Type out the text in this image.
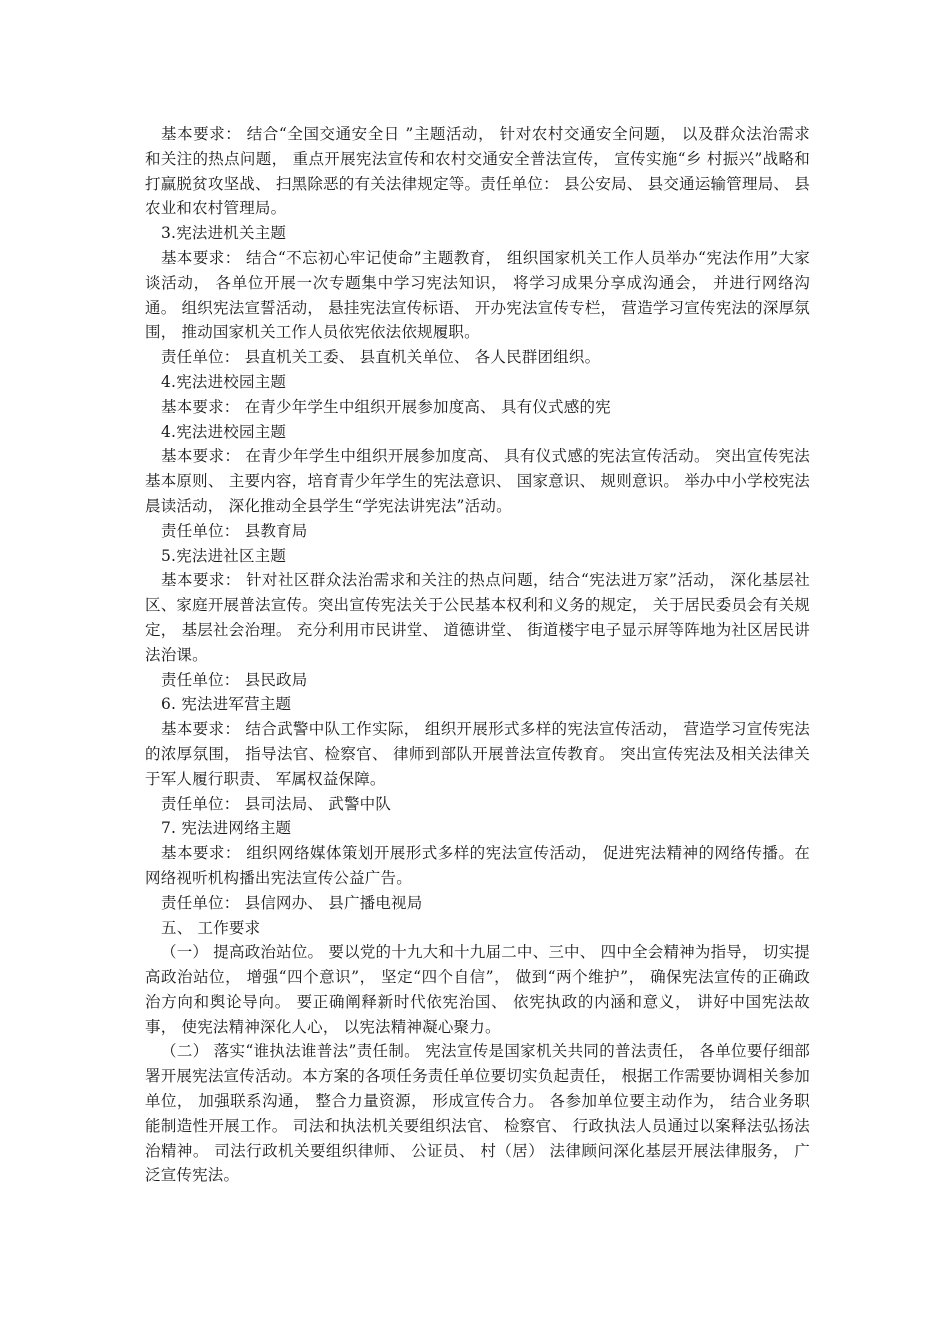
基本要求： 结合“全国交通安全日 ”主题活动， 针对农村交通安全问题， 以及群众法治需求和关注的热点问题， 重点开展宪法宣传和农村交通安全普法宣传， 宣传实施“乡 村振兴”战略和打赢脱贫攻坚战、 扫黑除恶的有关法律规定等。责任单位： 县公安局、 县交通运输管理局、 县农业和农村管理局。

3.宪法进机关主题

基本要求： 结合“不忘初心牢记使命”主题教育， 组织国家机关工作人员举办“宪法作用”大家谈活动， 各单位开展一次专题集中学习宪法知识， 将学习成果分享成沟通会， 并进行网络沟通。 组织宪法宣誓活动， 悬挂宪法宣传标语、 开办宪法宣传专栏， 营造学习宣传宪法的深厚氛围， 推动国家机关工作人员依宪依法依规履职。

责任单位： 县直机关工委、 县直机关单位、 各人民群团组织。

4.宪法进校园主题

基本要求： 在青少年学生中组织开展参加度高、 具有仪式感的宪

4.宪法进校园主题

基本要求： 在青少年学生中组织开展参加度高、 具有仪式感的宪法宣传活动。 突出宣传宪法基本原则、 主要内容，培育青少年学生的宪法意识、 国家意识、 规则意识。 举办中小学校宪法晨读活动， 深化推动全县学生“学宪法讲宪法”活动。

责任单位： 县教育局

5.宪法进社区主题

基本要求： 针对社区群众法治需求和关注的热点问题，结合“宪法进万家”活动， 深化基层社区、家庭开展普法宣传。突出宣传宪法关于公民基本权利和义务的规定， 关于居民委员会有关规定， 基层社会治理。 充分利用市民讲堂、 道德讲堂、 街道楼宇电子显示屏等阵地为社区居民讲法治课。

责任单位： 县民政局

6. 宪法进军营主题

基本要求： 结合武警中队工作实际， 组织开展形式多样的宪法宣传活动， 营造学习宣传宪法的浓厚氛围， 指导法官、检察官、 律师到部队开展普法宣传教育。 突出宣传宪法及相关法律关于军人履行职责、 军属权益保障。

责任单位： 县司法局、 武警中队

7. 宪法进网络主题

基本要求： 组织网络媒体策划开展形式多样的宪法宣传活动， 促进宪法精神的网络传播。在网络视听机构播出宪法宣传公益广告。

责任单位： 县信网办、 县广播电视局

五、 工作要求

（一） 提高政治站位。 要以党的十九大和十九届二中、三中、 四中全会精神为指导， 切实提高政治站位， 增强“四个意识”， 坚定“四个自信”， 做到“两个维护”， 确保宪法宣传的正确政治方向和舆论导向。 要正确阐释新时代依宪治国、 依宪执政的内涵和意义， 讲好中国宪法故事， 使宪法精神深化人心， 以宪法精神凝心聚力。

（二） 落实“谁执法谁普法”责任制。 宪法宣传是国家机关共同的普法责任， 各单位要仔细部署开展宪法宣传活动。本方案的各项任务责任单位要切实负起责任， 根据工作需要协调相关参加单位， 加强联系沟通， 整合力量资源， 形成宣传合力。 各参加单位要主动作为， 结合业务职能制造性开展工作。 司法和执法机关要组织法官、 检察官、 行政执法人员通过以案释法弘扬法治精神。 司法行政机关要组织律师、 公证员、 村（居） 法律顾问深化基层开展法律服务， 广泛宣传宪法。
